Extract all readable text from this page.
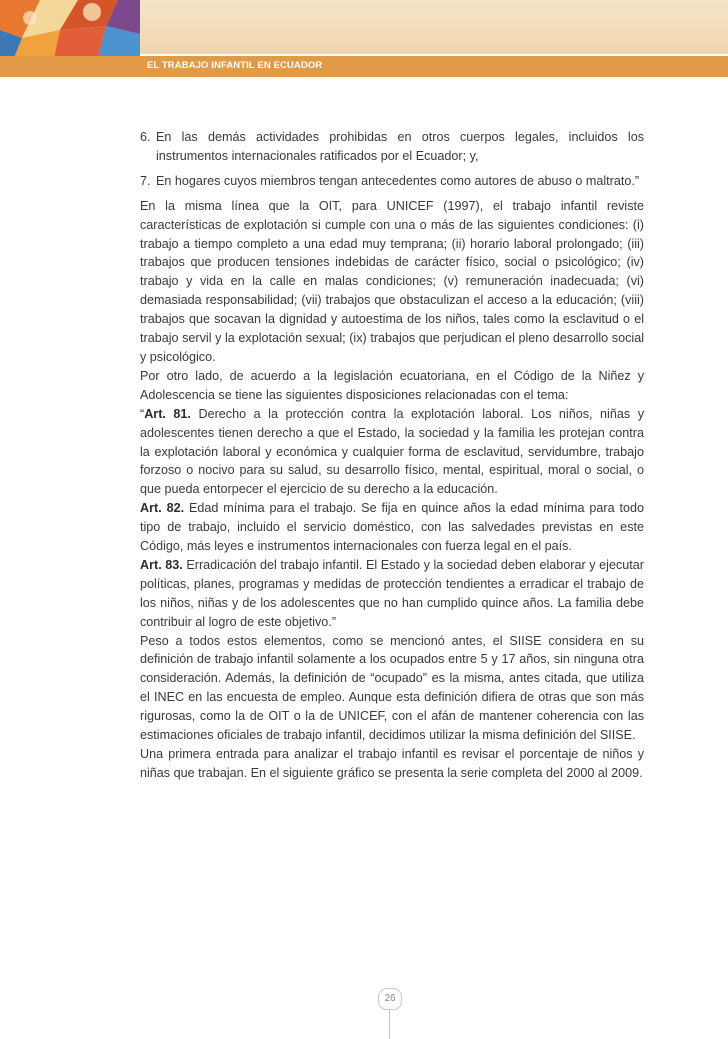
EL TRABAJO INFANTIL EN ECUADOR
6. En las demás actividades prohibidas en otros cuerpos legales, incluidos los instrumentos internacionales ratificados por el Ecuador; y,
7. En hogares cuyos miembros tengan antecedentes como autores de abuso o maltrato.”

En la misma línea que la OIT, para UNICEF (1997), el trabajo infantil reviste características de explotación si cumple con una o más de las siguientes condiciones: (i) trabajo a tiempo completo a una edad muy temprana; (ii) horario laboral prolongado; (iii) trabajos que producen tensiones indebidas de carácter físico, social o psicológico; (iv) trabajo y vida en la calle en malas condiciones; (v) remuneración inadecuada; (vi) demasiada responsabilidad; (vii) trabajos que obstaculizan el acceso a la educación; (viii) trabajos que socavan la dignidad y autoestima de los niños, tales como la esclavitud o el trabajo servil y la explotación sexual; (ix) trabajos que perjudican el pleno desarrollo social y psicológico.

Por otro lado, de acuerdo a la legislación ecuatoriana, en el Código de la Niñez y Adolescencia se tiene las siguientes disposiciones relacionadas con el tema:

“Art. 81. Derecho a la protección contra la explotación laboral. Los niños, niñas y adolescentes tienen derecho a que el Estado, la sociedad y la familia les protejan contra la explotación laboral y económica y cualquier forma de esclavitud, servidumbre, trabajo forzoso o nocivo para su salud, su desarrollo físico, mental, espiritual, moral o social, o que pueda entorpecer el ejercicio de su derecho a la educación.

Art. 82. Edad mínima para el trabajo. Se fija en quince años la edad mínima para todo tipo de trabajo, incluido el servicio doméstico, con las salvedades previstas en este Código, más leyes e instrumentos internacionales con fuerza legal en el país.

Art. 83. Erradicación del trabajo infantil. El Estado y la sociedad deben elaborar y ejecutar políticas, planes, programas y medidas de protección tendientes a erradicar el trabajo de los niños, niñas y de los adolescentes que no han cumplido quince años. La familia debe contribuir al logro de este objetivo.”

Peso a todos estos elementos, como se mencionó antes, el SIISE considera en su definición de trabajo infantil solamente a los ocupados entre 5 y 17 años, sin ninguna otra consideración. Además, la definición de “ocupado” es la misma, antes citada, que utiliza el INEC en las encuesta de empleo. Aunque esta definición difiera de otras que son más rigurosas, como la de OIT o la de UNICEF, con el afán de mantener coherencia con las estimaciones oficiales de trabajo infantil, decidimos utilizar la misma definición del SIISE.

Una primera entrada para analizar el trabajo infantil es revisar el porcentaje de niños y niñas que trabajan. En el siguiente gráfico se presenta la serie completa del 2000 al 2009.

26
